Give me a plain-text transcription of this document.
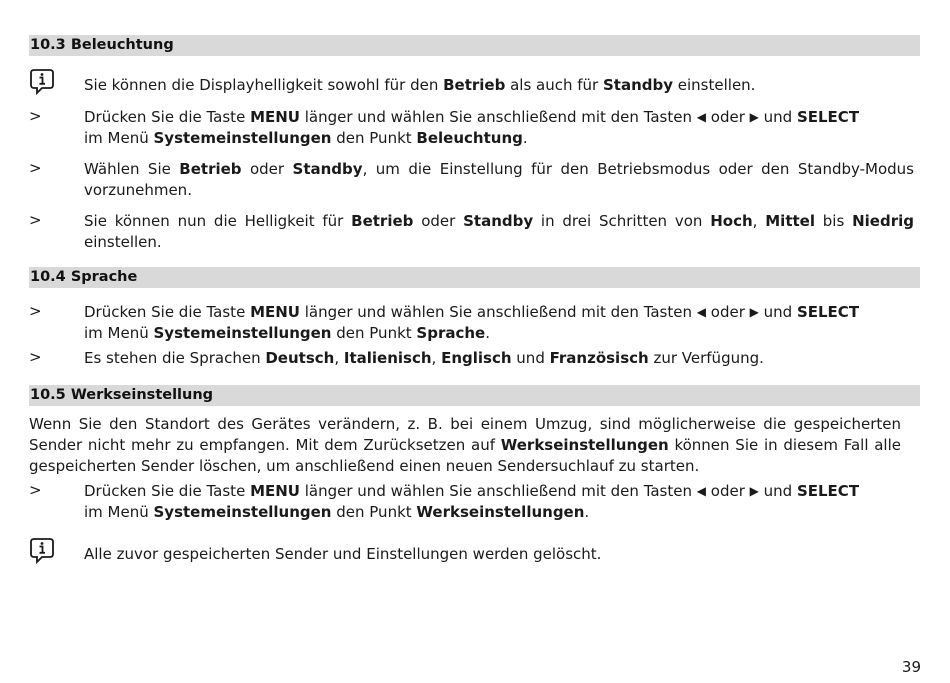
10.3 Beleuchtung
Sie können die Displayhelligkeit sowohl für den Betrieb als auch für Standby einstellen.
>	Drücken Sie die Taste MENU länger und wählen Sie anschließend mit den Tasten ◀ oder ▶ und SELECT
im Menü Systemeinstellungen den Punkt Beleuchtung.
>	Wählen Sie Betrieb oder Standby, um die Einstellung für den Betriebsmodus oder den Standby-Modus vorzunehmen.
>	Sie können nun die Helligkeit für Betrieb oder Standby in drei Schritten von Hoch, Mittel bis Niedrig einstellen.
10.4 Sprache
>	Drücken Sie die Taste MENU länger und wählen Sie anschließend mit den Tasten ◀ oder ▶ und SELECT
im Menü Systemeinstellungen den Punkt Sprache.
>	Es stehen die Sprachen Deutsch, Italienisch, Englisch und Französisch zur Verfügung.
10.5 Werkseinstellung
Wenn Sie den Standort des Gerätes verändern, z. B. bei einem Umzug, sind möglicherweise die gespeicherten Sender nicht mehr zu empfangen. Mit dem Zurücksetzen auf Werkseinstellungen können Sie in diesem Fall alle gespeicherten Sender löschen, um anschließend einen neuen Sendersuchlauf zu starten.
>	Drücken Sie die Taste MENU länger und wählen Sie anschließend mit den Tasten ◀ oder ▶ und SELECT
im Menü Systemeinstellungen den Punkt Werkseinstellungen.
Alle zuvor gespeicherten Sender und Einstellungen werden gelöscht.
39
